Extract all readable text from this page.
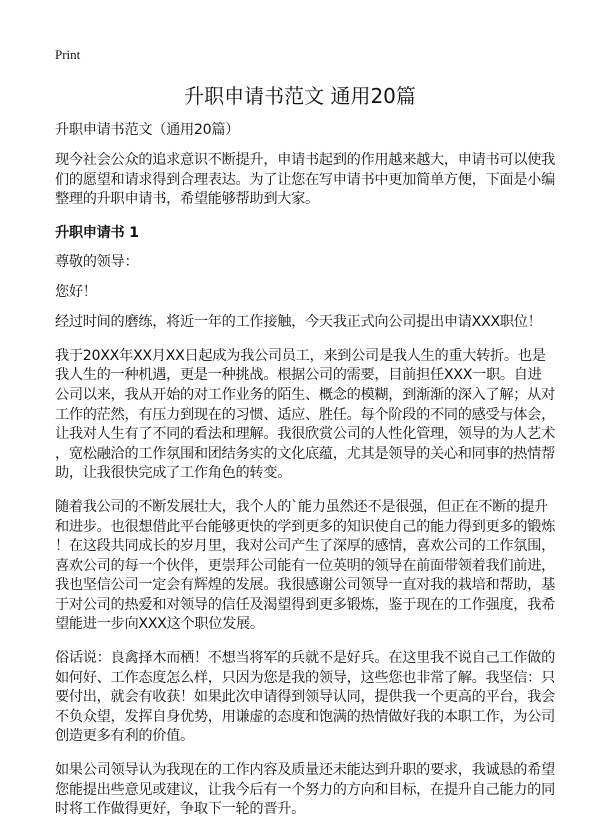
Print
升职申请书范文 通用20篇
升职申请书范文（通用20篇）
现今社会公众的追求意识不断提升，申请书起到的作用越来越大，申请书可以使我
们的愿望和请求得到合理表达。为了让您在写申请书中更加简单方便，下面是小编
整理的升职申请书，希望能够帮助到大家。
升职申请书 1
尊敬的领导：
您好！
经过时间的磨练，将近一年的工作接触，今天我正式向公司提出申请XXX职位！
我于20XX年XX月XX日起成为我公司员工，来到公司是我人生的重大转折。也是
我人生的一种机遇，更是一种挑战。根据公司的需要，目前担任XXX一职。自进
公司以来，我从开始的对工作业务的陌生、概念的模糊，到渐渐的深入了解；从对
工作的茫然，有压力到现在的习惯、适应、胜任。每个阶段的不同的感受与体会，
让我对人生有了不同的看法和理解。我很欣赏公司的人性化管理，领导的为人艺术
，宽松融洽的工作氛围和团结务实的文化底蕴，尤其是领导的关心和同事的热情帮
助，让我很快完成了工作角色的转变。
随着我公司的不断发展壮大，我个人的`能力虽然还不是很强，但正在不断的提升
和进步。也很想借此平台能够更快的学到更多的知识使自己的能力得到更多的锻炼
！在这段共同成长的岁月里，我对公司产生了深厚的感情，喜欢公司的工作氛围，
喜欢公司的每一个伙伴，更崇拜公司能有一位英明的领导在前面带领着我们前进，
我也坚信公司一定会有辉煌的发展。我很感谢公司领导一直对我的栽培和帮助，基
于对公司的热爱和对领导的信任及渴望得到更多锻炼，鉴于现在的工作强度，我希
望能进一步向XXX这个职位发展。
俗话说：良禽择木而栖！不想当将军的兵就不是好兵。在这里我不说自己工作做的
如何好、工作态度怎么样，只因为您是我的领导，这些您也非常了解。我坚信：只
要付出，就会有收获！如果此次申请得到领导认同，提供我一个更高的平台，我会
不负众望，发挥自身优势，用谦虚的态度和饱满的热情做好我的本职工作，为公司
创造更多有利的价值。
如果公司领导认为我现在的工作内容及质量还未能达到升职的要求，我诚恳的希望
您能提出些意见或建议，让我今后有一个努力的方向和目标，在提升自己能力的同
时将工作做得更好，争取下一轮的晋升。
